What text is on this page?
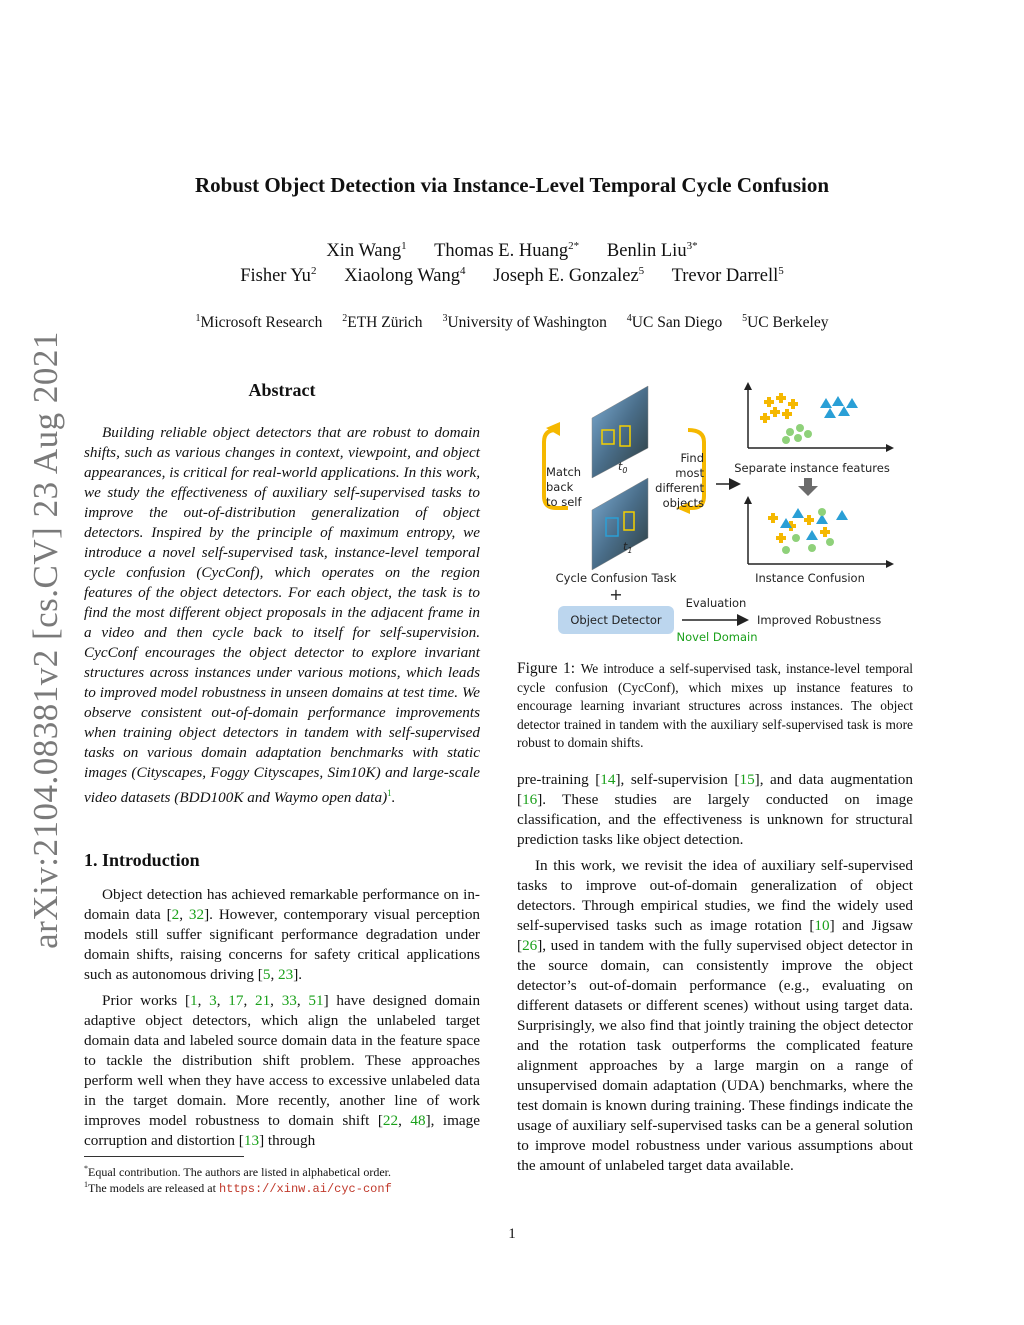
Robust Object Detection via Instance-Level Temporal Cycle Confusion
Xin Wang$^1$ Thomas E. Huang$^{2*}$ Benlin Liu$^{3*}$
Fisher Yu$^2$ Xiaolong Wang$^4$ Joseph E. Gonzalez$^5$ Trevor Darrell$^5$
$^1$Microsoft Research $^2$ETH Zürich $^3$University of Washington $^4$UC San Diego $^5$UC Berkeley
arXiv:2104.08381v2 [cs.CV] 23 Aug 2021	Abstract
Building reliable object detectors that are robust to domain shifts, such as various changes in context, viewpoint, and object appearances, is critical for real-world applications. In this work, we study the effectiveness of auxiliary self-supervised tasks to improve the out-of-distribution generalization of object detectors. Inspired by the principle of maximum entropy, we introduce a novel self-supervised task, instance-level temporal cycle confusion (CycConf), which operates on the region features of the object detectors. For each object, the task is to find the most different object proposals in the adjacent frame in a video and then cycle back to itself for self-supervision. CycConf encourages the object detector to explore invariant structures across instances under various motions, which leads to improved model robustness in unseen domains at test time. We observe consistent out-of-domain performance improvements when training object detectors in tandem with self-supervised tasks on various domain adaptation benchmarks with static images (Cityscapes, Foggy Cityscapes, Sim10K) and large-scale video datasets (BDD100K and Waymo open data)$^1$.
1. Introduction

Object detection has achieved remarkable performance on in-domain data [2, 32]. However, contemporary visual perception models still suffer significant performance degradation under domain shifts, raising concerns for safety critical applications such as autonomous driving [5, 23].

Prior works [1, 3, 17, 21, 33, 51] have designed domain adaptive object detectors, which align the unlabeled target domain data and labeled source domain data in the feature space to tackle the distribution shift problem. These approaches perform well when they have access to excessive unlabeled data in the target domain. More recently, another line of work improves model robustness to domain shift [22, 48], image corruption and distortion [13] through

*Equal contribution. The authors are listed in alphabetical order.
$^1$The models are released at https://xinw.ai/cyc-conf
Match
back
to self
$t_0$
$t_1$
Find
most
different
objects
Separate instance features
Instance Confusion
Cycle Confusion Task
+
Object Detector
Evaluation
Improved Robustness
Novel Domain
Figure 1: We introduce a self-supervised task, instance-level temporal cycle confusion (CycConf), which mixes up instance features to encourage learning invariant structures across instances. The object detector trained in tandem with the auxiliary self-supervised task is more robust to domain shifts.

pre-training [14], self-supervision [15], and data augmentation [16]. These studies are largely conducted on image classification, and the effectiveness is unknown for structural prediction tasks like object detection.

In this work, we revisit the idea of auxiliary self-supervised tasks to improve out-of-domain generalization of object detectors. Through empirical studies, we find the widely used self-supervised tasks such as image rotation [10] and Jigsaw [26], used in tandem with the fully supervised object detector in the source domain, can consistently improve the object detector’s out-of-domain performance (e.g., evaluating on different datasets or different scenes) without using target data. Surprisingly, we also find that jointly training the object detector and the rotation task outperforms the complicated feature alignment approaches by a large margin on a range of unsupervised domain adaptation (UDA) benchmarks, where the test domain is known during training. These findings indicate the usage of auxiliary self-supervised tasks can be a general solution to improve model robustness under various assumptions about the amount of unlabeled target data available.

1
